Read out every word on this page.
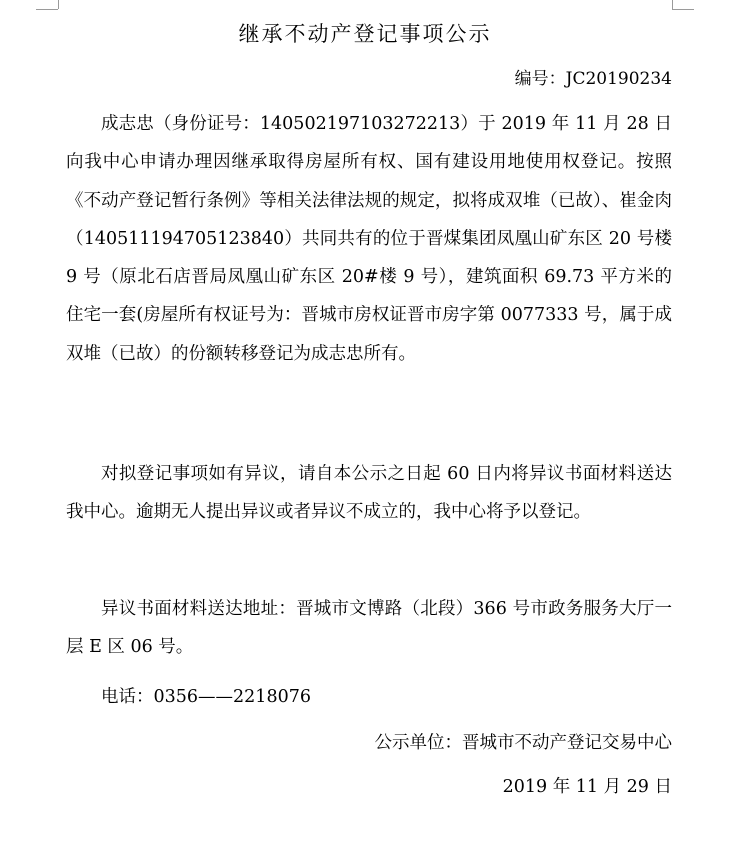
继承不动产登记事项公示
编号：JC20190234

成志忠（身份证号：140502197103272213）于 2019 年 11 月 28 日向我中心申请办理因继承取得房屋所有权、国有建设用地使用权登记。按照《不动产登记暂行条例》等相关法律法规的规定，拟将成双堆（已故）、崔金肉（140511194705123840）共同共有的位于晋煤集团凤凰山矿东区 20 号楼 9 号（原北石店晋局凤凰山矿东区 20#楼 9 号），建筑面积 69.73 平方米的住宅一套(房屋所有权证号为：晋城市房权证晋市房字第 0077333 号，属于成双堆（已故）的份额转移登记为成志忠所有。

对拟登记事项如有异议，请自本公示之日起 60 日内将异议书面材料送达我中心。逾期无人提出异议或者异议不成立的，我中心将予以登记。

异议书面材料送达地址：晋城市文博路（北段）366 号市政务服务大厅一层 E 区 06 号。

电话：0356——2218076
公示单位：晋城市不动产登记交易中心
2019 年 11 月 29 日
